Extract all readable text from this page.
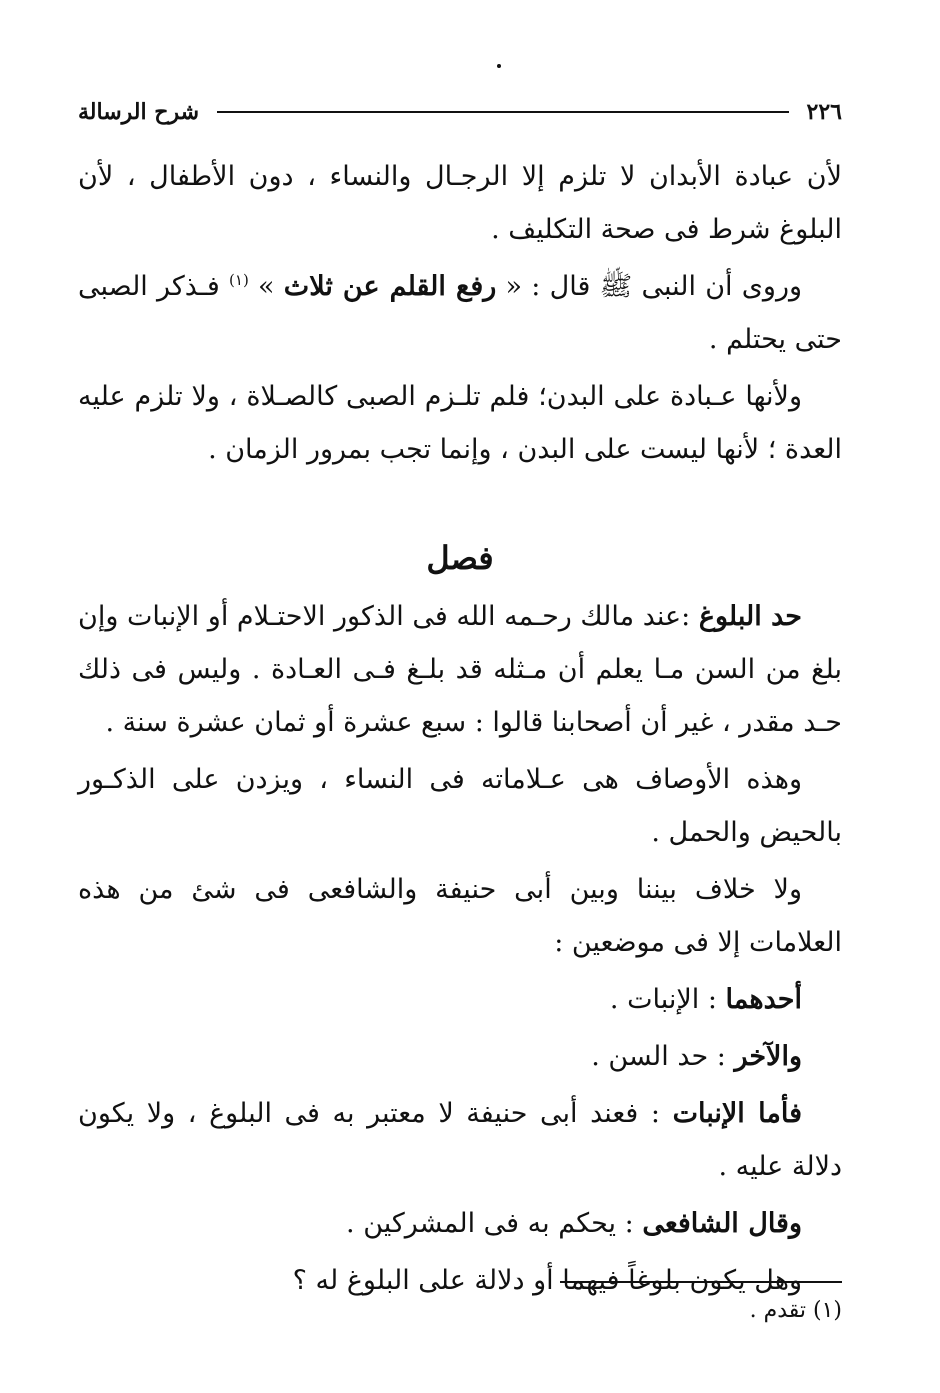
٢٢٦
شرح الرسالة

لأن عبادة الأبدان لا تلزم إلا الرجـال والنساء ، دون الأطفال ، لأن البلوغ شرط فى صحة التكليف .

وروى أن النبى ﷺ قال : « رفع القلم عن ثلاث » $^{(١)}$ فـذكر الصبى حتى يحتلم .

ولأنها عـبادة على البدن؛ فلم تلـزم الصبى كالصـلاة ، ولا تلزم عليه العدة ؛ لأنها ليست على البدن ، وإنما تجب بمرور الزمان .

فصل

حد البلوغ :عند مالك رحـمه الله فى الذكور الاحتـلام أو الإنبات وإن بلغ من السن مـا يعلم أن مـثله قد بلـغ فـى العـادة . وليس فى ذلك حـد مقدر ، غير أن أصحابنا قالوا : سبع عشرة أو ثمان عشرة سنة .

وهذه الأوصاف هى عـلاماته فى النساء ، ويزدن على الذكـور بالحيض والحمل .

ولا خلاف بيننا وبين أبى حنيفة والشافعى فى شئ من هذه العلامات إلا فى موضعين :

أحدهما : الإنبات .

والآخر : حد السن .

فأما الإنبات : فعند أبى حنيفة لا معتبر به فى البلوغ ، ولا يكون دلالة عليه .

وقال الشافعى : يحكم به فى المشركين .

وهل يكون بلوغاً فيهما أو دلالة على البلوغ له ؟

(١) تقدم .
